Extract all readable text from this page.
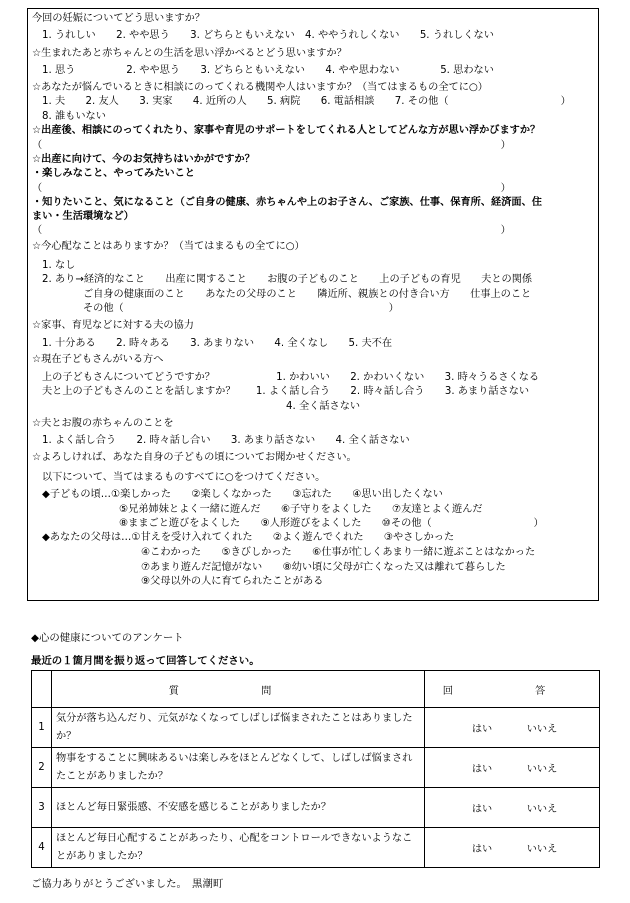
今回の妊娠についてどう思いますか？
1. うれしい　　2. やや思う　　3. どちらともいえない　4. ややうれしくない　　5. うれしくない
☆生まれたあと赤ちゃんとの生活を思い浮かべるとどう思いますか？
1. 思う　　　　　2. やや思う　　3. どちらともいえない　　4. やや思わない　　　　5. 思わない
☆あなたが悩んでいるときに相談にのってくれる機関や人はいますか？（当てはまるもの全てに○）
1. 夫　　2. 友人　　3. 実家　　4. 近所の人　　5. 病院　　6. 電話相談　　7. その他（　　　　　　　　　　　）
8. 誰もいない
☆出産後、相談にのってくれたり、家事や育児のサポートをしてくれる人としてどんな方が思い浮かびますか？
（　　　　　　　　　　　　　　　　　　　　　　　　　　　　　　　　　　　　　　　　　　　　　）
☆出産に向けて、今のお気持ちはいかがですか？
・楽しみなこと、やってみたいこと
（　　　　　　　　　　　　　　　　　　　　　　　　　　　　　　　　　　　　　　　　　　　　　）
・知りたいこと、気になること（ご自身の健康、赤ちゃんや上のお子さん、ご家族、仕事、保育所、経済面、住
まい・生活環境など）
（　　　　　　　　　　　　　　　　　　　　　　　　　　　　　　　　　　　　　　　　　　　　　）
☆今心配なことはありますか？（当てはまるもの全てに○）
1. なし
2. あり→経済的なこと　　出産に関すること　　お腹の子どものこと　　上の子どもの育児　　夫との関係
ご自身の健康面のこと　　あなたの父母のこと　　隣近所、親族との付き合い方　　仕事上のこと
その他（　　　　　　　　　　　　　　　　　　　　　　　　　　）
☆家事、育児などに対する夫の協力
1. 十分ある　　2. 時々ある　　3. あまりない　　4. 全くなし　　5. 夫不在
☆現在子どもさんがいる方へ
上の子どもさんについてどうですか？　　　　　　1. かわいい　　2. かわいくない　　3. 時々うるさくなる
夫と上の子どもさんのことを話しますか？　　1. よく話し合う　　2. 時々話し合う　　3. あまり話さない
4. 全く話さない
☆夫とお腹の赤ちゃんのことを
1. よく話し合う　　2. 時々話し合い　　3. あまり話さない　　4. 全く話さない
☆よろしければ、あなた自身の子どもの頃についてお聞かせください。
以下について、当てはまるものすべてに○をつけてください。
◆子どもの頃…①楽しかった　　②楽しくなかった　　③忘れた　　④思い出したくない
⑤兄弟姉妹とよく一緒に遊んだ　　⑥子守りをよくした　　⑦友達とよく遊んだ
⑧ままごと遊びをよくした　　⑨人形遊びをよくした　　⑩その他（　　　　　　　　　　）
◆あなたの父母は…①甘えを受け入れてくれた　　②よく遊んでくれた　　③やさしかった
④こわかった　　⑤きびしかった　　⑥仕事が忙しくあまり一緒に遊ぶことはなかった
⑦あまり遊んだ記憶がない　　⑧幼い頃に父母が亡くなった又は離れて暮らした
⑨父母以外の人に育てられたことがある
◆心の健康についてのアンケート
最近の１箇月間を振り返って回答してください。
	質　問	回　答
1	気分が落ち込んだり、元気がなくなってしばしば悩まされたことはありましたか？	はい いいえ
2	物事をすることに興味あるいは楽しみをほとんどなくして、しばしば悩まされたことがありましたか？	はい いいえ
3	ほとんど毎日緊張感、不安感を感じることがありましたか？	はい いいえ
4	ほとんど毎日心配することがあったり、心配をコントロールできないようなことがありましたか？	はい いいえ
ご協力ありがとうございました。　黒潮町
